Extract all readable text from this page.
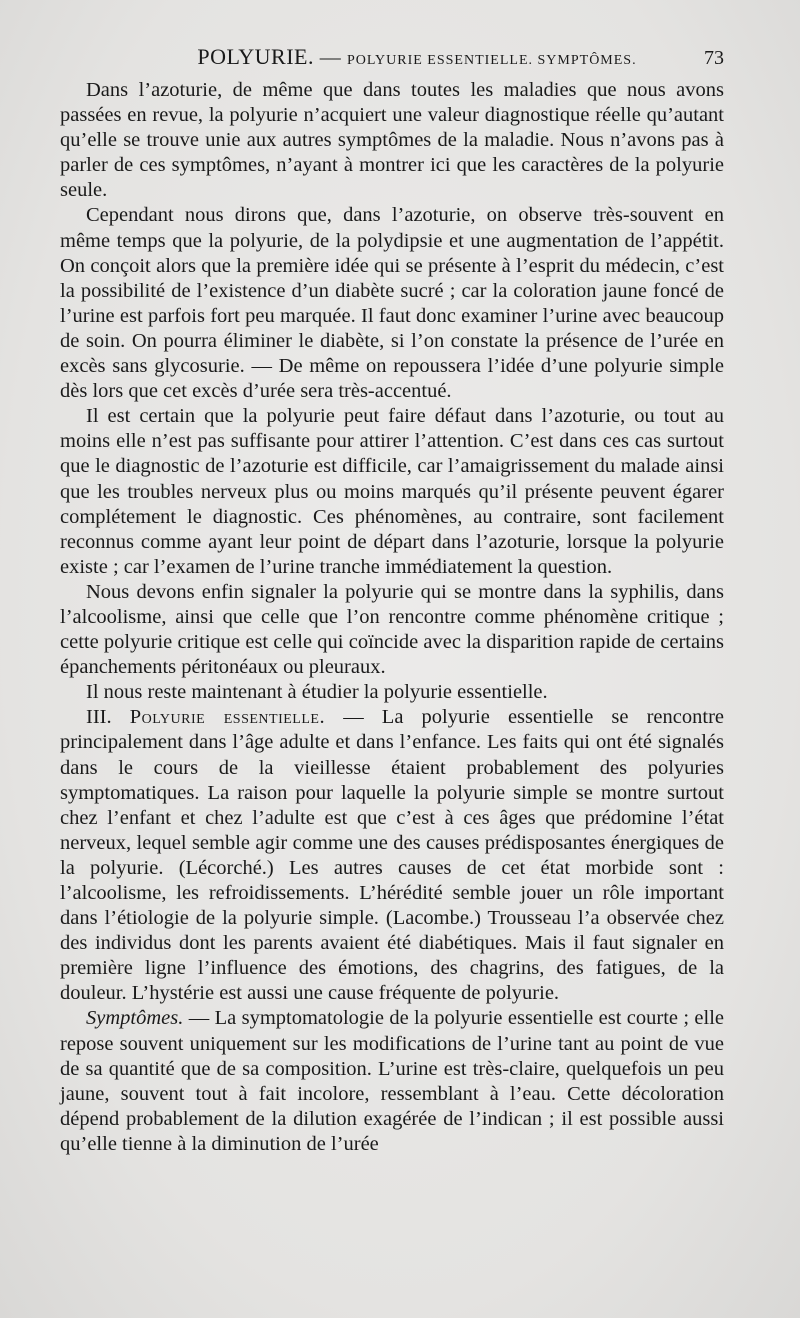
POLYURIE. — POLYURIE ESSENTIELLE. SYMPTÔMES.	73

Dans l’azoturie, de même que dans toutes les maladies que nous avons passées en revue, la polyurie n’acquiert une valeur diagnostique réelle qu’autant qu’elle se trouve unie aux autres symptômes de la maladie. Nous n’avons pas à parler de ces symptômes, n’ayant à montrer ici que les caractères de la polyurie seule.

Cependant nous dirons que, dans l’azoturie, on observe très-souvent en même temps que la polyurie, de la polydipsie et une augmentation de l’appétit. On conçoit alors que la première idée qui se présente à l’esprit du médecin, c’est la possibilité de l’existence d’un diabète sucré ; car la coloration jaune foncé de l’urine est parfois fort peu marquée. Il faut donc examiner l’urine avec beaucoup de soin. On pourra éliminer le diabète, si l’on constate la présence de l’urée en excès sans glycosurie. — De même on repoussera l’idée d’une polyurie simple dès lors que cet excès d’urée sera très-accentué.

Il est certain que la polyurie peut faire défaut dans l’azoturie, ou tout au moins elle n’est pas suffisante pour attirer l’attention. C’est dans ces cas surtout que le diagnostic de l’azoturie est difficile, car l’amaigrissement du malade ainsi que les troubles nerveux plus ou moins marqués qu’il présente peuvent égarer complétement le diagnostic. Ces phénomènes, au contraire, sont facilement reconnus comme ayant leur point de départ dans l’azoturie, lorsque la polyurie existe ; car l’examen de l’urine tranche immédiatement la question.

Nous devons enfin signaler la polyurie qui se montre dans la syphilis, dans l’alcoolisme, ainsi que celle que l’on rencontre comme phénomène critique ; cette polyurie critique est celle qui coïncide avec la disparition rapide de certains épanchements péritonéaux ou pleuraux.

Il nous reste maintenant à étudier la polyurie essentielle.

III. Polyurie essentielle. — La polyurie essentielle se rencontre principalement dans l’âge adulte et dans l’enfance. Les faits qui ont été signalés dans le cours de la vieillesse étaient probablement des polyuries symptomatiques. La raison pour laquelle la polyurie simple se montre surtout chez l’enfant et chez l’adulte est que c’est à ces âges que prédomine l’état nerveux, lequel semble agir comme une des causes prédisposantes énergiques de la polyurie. (Lécorché.) Les autres causes de cet état morbide sont : l’alcoolisme, les refroidissements. L’hérédité semble jouer un rôle important dans l’étiologie de la polyurie simple. (Lacombe.) Trousseau l’a observée chez des individus dont les parents avaient été diabétiques. Mais il faut signaler en première ligne l’influence des émotions, des chagrins, des fatigues, de la douleur. L’hystérie est aussi une cause fréquente de polyurie.

Symptômes. — La symptomatologie de la polyurie essentielle est courte ; elle repose souvent uniquement sur les modifications de l’urine tant au point de vue de sa quantité que de sa composition. L’urine est très-claire, quelquefois un peu jaune, souvent tout à fait incolore, ressemblant à l’eau. Cette décoloration dépend probablement de la dilution exagérée de l’indican ; il est possible aussi qu’elle tienne à la diminution de l’urée
